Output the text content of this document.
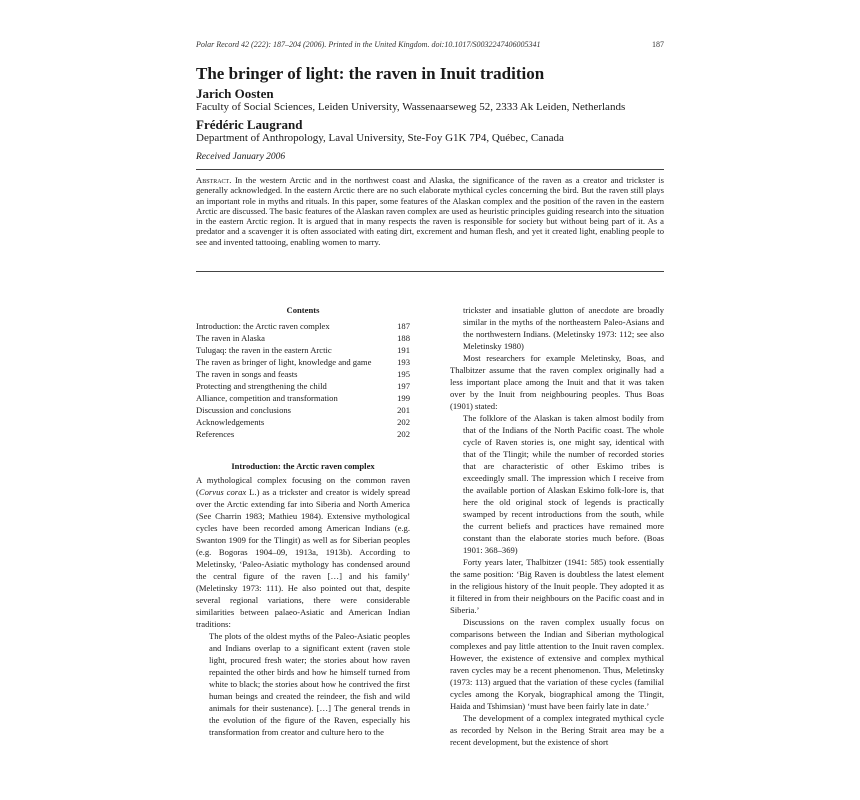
Polar Record 42 (222): 187–204 (2006). Printed in the United Kingdom. doi:10.1017/S0032247406005341	187
The bringer of light: the raven in Inuit tradition
Jarich Oosten
Faculty of Social Sciences, Leiden University, Wassenaarseweg 52, 2333 Ak Leiden, Netherlands
Frédéric Laugrand
Department of Anthropology, Laval University, Ste-Foy G1K 7P4, Québec, Canada
Received January 2006

Abstract. In the western Arctic and in the northwest coast and Alaska, the significance of the raven as a creator and trickster is generally acknowledged. In the eastern Arctic there are no such elaborate mythical cycles concerning the bird. But the raven still plays an important role in myths and rituals. In this paper, some features of the Alaskan complex and the position of the raven in the eastern Arctic are discussed. The basic features of the Alaskan raven complex are used as heuristic principles guiding research into the situation in the eastern Arctic region. It is argued that in many respects the raven is responsible for society but without being part of it. As a predator and a scavenger it is often associated with eating dirt, excrement and human flesh, and yet it created light, enabling people to see and invented tattooing, enabling women to marry.

Contents
Introduction: the Arctic raven complex	187
The raven in Alaska	188
Tulugaq: the raven in the eastern Arctic	191
The raven as bringer of light, knowledge and game	193
The raven in songs and feasts	195
Protecting and strengthening the child	197
Alliance, competition and transformation	199
Discussion and conclusions	201
Acknowledgements	202
References	202
Introduction: the Arctic raven complex

A mythological complex focusing on the common raven (Corvus corax L.) as a trickster and creator is widely spread over the Arctic extending far into Siberia and North America (See Charrin 1983; Mathieu 1984). Extensive mythological cycles have been recorded among American Indians (e.g. Swanton 1909 for the Tlingit) as well as for Siberian peoples (e.g. Bogoras 1904–09, 1913a, 1913b). According to Meletinsky, ‘Paleo-Asiatic mythology has condensed around the central figure of the raven […] and his family’ (Meletinsky 1973: 111). He also pointed out that, despite several regional variations, there were considerable similarities between palaeo-Asiatic and American Indian traditions:

The plots of the oldest myths of the Paleo-Asiatic peoples and Indians overlap to a significant extent (raven stole light, procured fresh water; the stories about how raven repainted the other birds and how he himself turned from white to black; the stories about how he contrived the first human beings and created the reindeer, the fish and wild animals for their sustenance). […] The general trends in the evolution of the figure of the Raven, especially his transformation from creator and culture hero to the

trickster and insatiable glutton of anecdote are broadly similar in the myths of the northeastern Paleo-Asians and the northwestern Indians. (Meletinsky 1973: 112; see also Meletinsky 1980)

Most researchers for example Meletinsky, Boas, and Thalbitzer assume that the raven complex originally had a less important place among the Inuit and that it was taken over by the Inuit from neighbouring peoples. Thus Boas (1901) stated:

The folklore of the Alaskan is taken almost bodily from that of the Indians of the North Pacific coast. The whole cycle of Raven stories is, one might say, identical with that of the Tlingit; while the number of recorded stories that are characteristic of other Eskimo tribes is exceedingly small. The impression which I receive from the available portion of Alaskan Eskimo folk-lore is, that here the old original stock of legends is practically swamped by recent introductions from the south, while the current beliefs and practices have remained more constant than the elaborate stories much before. (Boas 1901: 368–369)

Forty years later, Thalbitzer (1941: 585) took essentially the same position: ‘Big Raven is doubtless the latest element in the religious history of the Inuit people. They adopted it as it filtered in from their neighbours on the Pacific coast and in Siberia.’

Discussions on the raven complex usually focus on comparisons between the Indian and Siberian mythological complexes and pay little attention to the Inuit raven complex. However, the existence of extensive and complex mythical raven cycles may be a recent phenomenon. Thus, Meletinsky (1973: 113) argued that the variation of these cycles (familial cycles among the Koryak, biographical among the Tlingit, Haida and Tshimsian) ‘must have been fairly late in date.’

The development of a complex integrated mythical cycle as recorded by Nelson in the Bering Strait area may be a recent development, but the existence of short
